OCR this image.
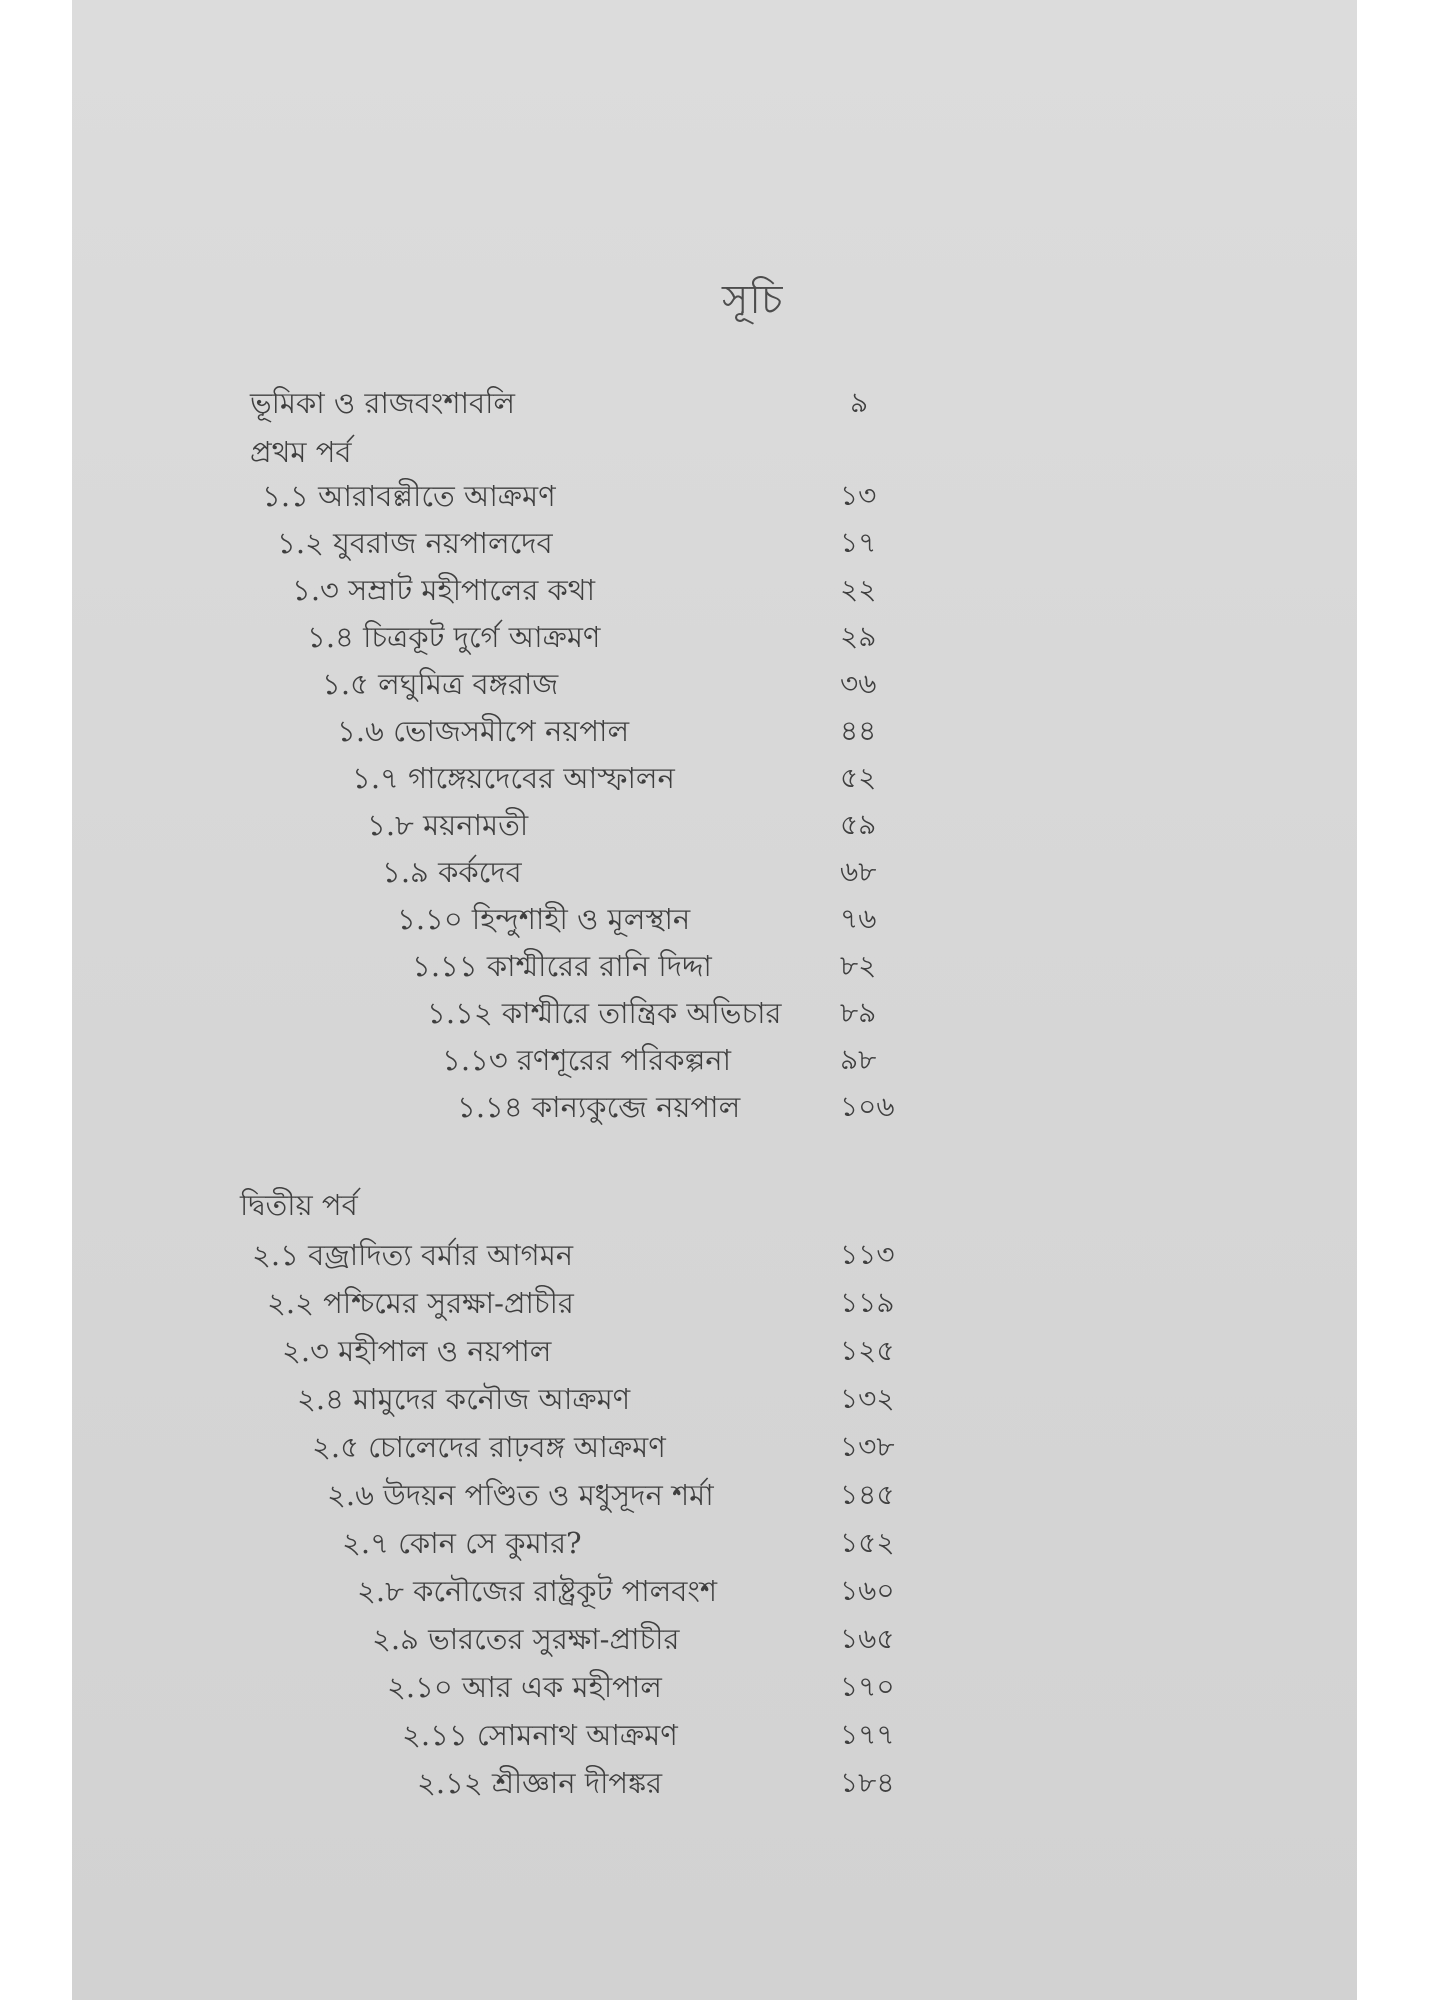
সূচি
ভূমিকা ও রাজবংশাবলি	৯
প্রথম পর্ব
১.১ আরাবল্লীতে আক্রমণ	১৩
১.২ যুবরাজ নয়পালদেব	১৭
১.৩ সম্রাট মহীপালের কথা	২২
১.৪ চিত্রকূট দুর্গে আক্রমণ	২৯
১.৫ লঘুমিত্র বঙ্গরাজ	৩৬
১.৬ ভোজসমীপে নয়পাল	৪৪
১.৭ গাঙ্গেয়দেবের আস্ফালন	৫২
১.৮ ময়নামতী	৫৯
১.৯ কর্কদেব	৬৮
১.১০ হিন্দুশাহী ও মূলস্থান	৭৬
১.১১ কাশ্মীরের রানি দিদ্দা	৮২
১.১২ কাশ্মীরে তান্ত্রিক অভিচার ৮৯
১.১৩ রণশূরের পরিকল্পনা	৯৮
১.১৪ কান্যকুব্জে নয়পাল	১০৬
দ্বিতীয় পর্ব
২.১ বজ্রাদিত্য বর্মার আগমন	১১৩
২.২ পশ্চিমের সুরক্ষা-প্রাচীর	১১৯
২.৩ মহীপাল ও নয়পাল	১২৫
২.৪ মামুদের কনৌজ আক্রমণ	১৩২
২.৫ চোলেদের রাঢ়বঙ্গ আক্রমণ	১৩৮
২.৬ উদয়ন পণ্ডিত ও মধুসূদন শর্মা	১৪৫
২.৭ কোন সে কুমার?	১৫২
২.৮ কনৌজের রাষ্ট্রকূট পালবংশ	১৬০
২.৯ ভারতের সুরক্ষা-প্রাচীর	১৬৫
২.১০ আর এক মহীপাল	১৭০
২.১১ সোমনাথ আক্রমণ	১৭৭
২.১২ শ্রীজ্ঞান দীপঙ্কর	১৮৪
